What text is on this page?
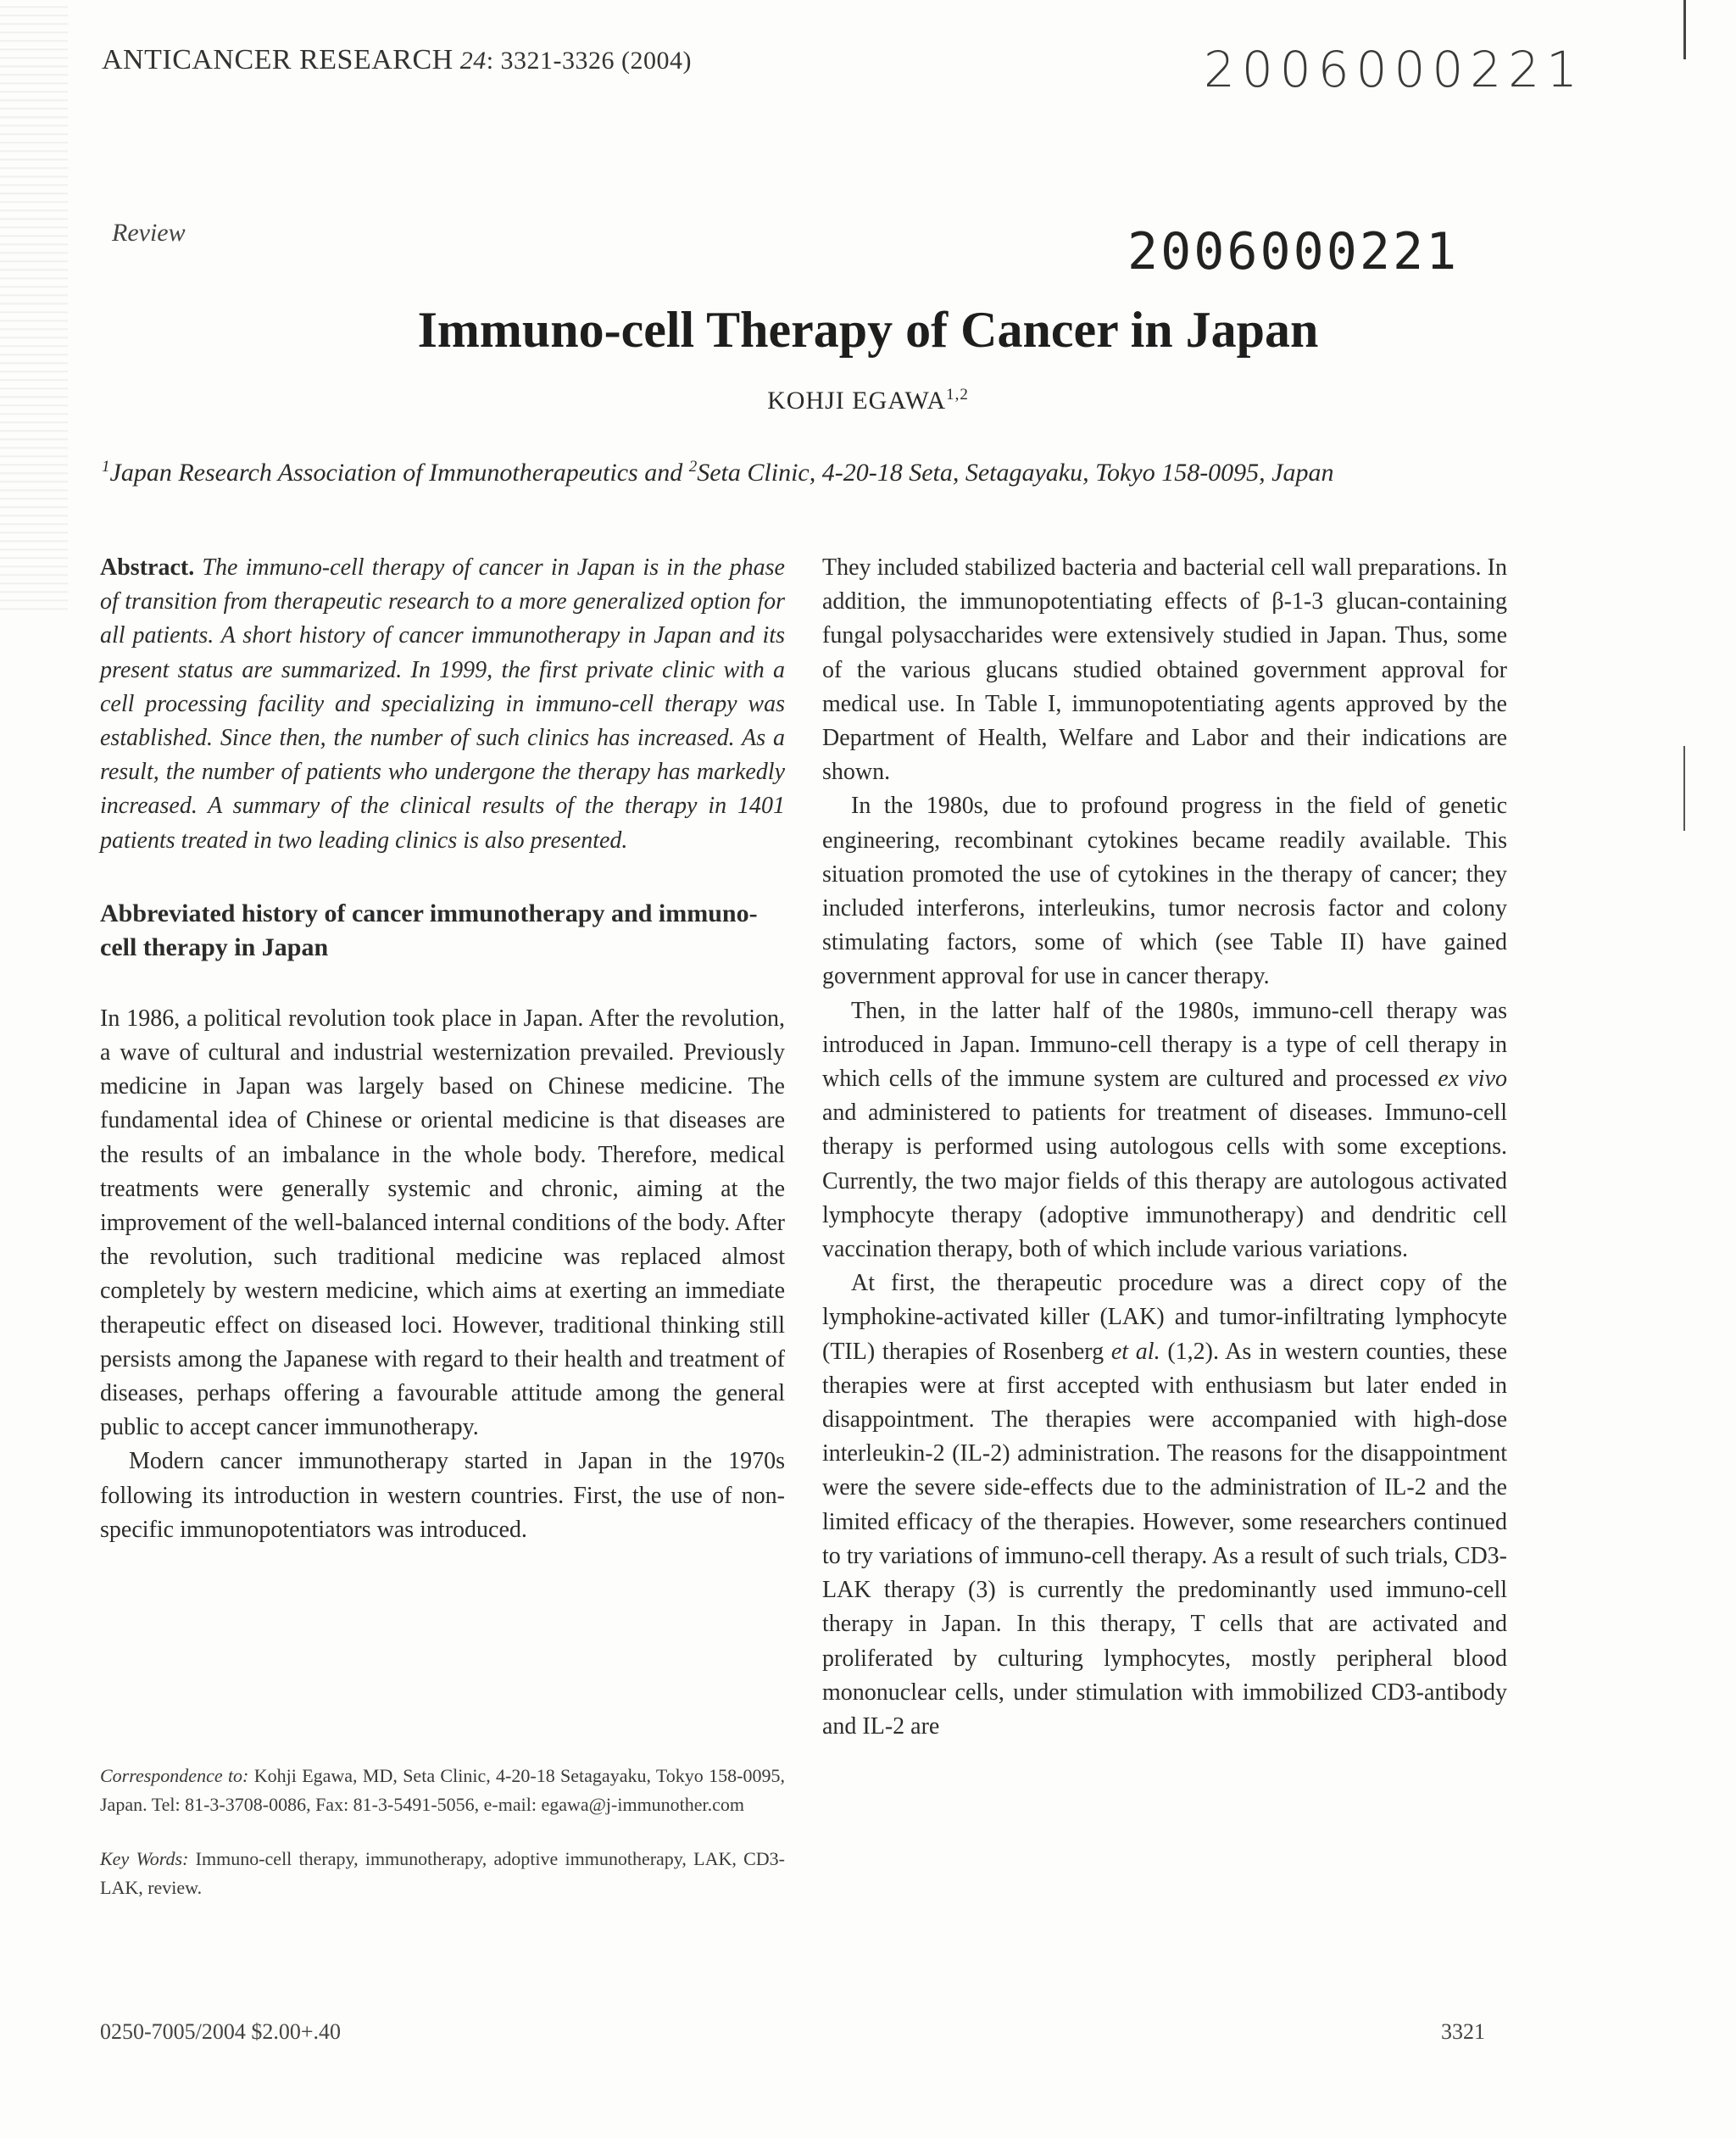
ANTICANCER RESEARCH 24: 3321-3326 (2004)	2006000221
Review	2006000221
Immuno-cell Therapy of Cancer in Japan
KOHJI EGAWA$^{1,2}$
$^1$Japan Research Association of Immunotherapeutics and $^2$Seta Clinic, 4-20-18 Seta, Setagayaku, Tokyo 158-0095, Japan

Abstract. The immuno-cell therapy of cancer in Japan is in the phase of transition from therapeutic research to a more generalized option for all patients. A short history of cancer immunotherapy in Japan and its present status are summarized. In 1999, the first private clinic with a cell processing facility and specializing in immuno-cell therapy was established. Since then, the number of such clinics has increased. As a result, the number of patients who undergone the therapy has markedly increased. A summary of the clinical results of the therapy in 1401 patients treated in two leading clinics is also presented.

Abbreviated history of cancer immunotherapy and immuno-cell therapy in Japan

In 1986, a political revolution took place in Japan. After the revolution, a wave of cultural and industrial westernization prevailed. Previously medicine in Japan was largely based on Chinese medicine. The fundamental idea of Chinese or oriental medicine is that diseases are the results of an imbalance in the whole body. Therefore, medical treatments were generally systemic and chronic, aiming at the improvement of the well-balanced internal conditions of the body. After the revolution, such traditional medicine was replaced almost completely by western medicine, which aims at exerting an immediate therapeutic effect on diseased loci. However, traditional thinking still persists among the Japanese with regard to their health and treatment of diseases, perhaps offering a favourable attitude among the general public to accept cancer immunotherapy.

Modern cancer immunotherapy started in Japan in the 1970s following its introduction in western countries. First, the use of non-specific immunopotentiators was introduced.

They included stabilized bacteria and bacterial cell wall preparations. In addition, the immunopotentiating effects of β-1-3 glucan-containing fungal polysaccharides were extensively studied in Japan. Thus, some of the various glucans studied obtained government approval for medical use. In Table I, immunopotentiating agents approved by the Department of Health, Welfare and Labor and their indications are shown.

In the 1980s, due to profound progress in the field of genetic engineering, recombinant cytokines became readily available. This situation promoted the use of cytokines in the therapy of cancer; they included interferons, interleukins, tumor necrosis factor and colony stimulating factors, some of which (see Table II) have gained government approval for use in cancer therapy.

Then, in the latter half of the 1980s, immuno-cell therapy was introduced in Japan. Immuno-cell therapy is a type of cell therapy in which cells of the immune system are cultured and processed ex vivo and administered to patients for treatment of diseases. Immuno-cell therapy is performed using autologous cells with some exceptions. Currently, the two major fields of this therapy are autologous activated lymphocyte therapy (adoptive immunotherapy) and dendritic cell vaccination therapy, both of which include various variations.

At first, the therapeutic procedure was a direct copy of the lymphokine-activated killer (LAK) and tumor-infiltrating lymphocyte (TIL) therapies of Rosenberg et al. (1,2). As in western counties, these therapies were at first accepted with enthusiasm but later ended in disappointment. The therapies were accompanied with high-dose interleukin-2 (IL-2) administration. The reasons for the disappointment were the severe side-effects due to the administration of IL-2 and the limited efficacy of the therapies. However, some researchers continued to try variations of immuno-cell therapy. As a result of such trials, CD3-LAK therapy (3) is currently the predominantly used immuno-cell therapy in Japan. In this therapy, T cells that are activated and proliferated by culturing lymphocytes, mostly peripheral blood mononuclear cells, under stimulation with immobilized CD3-antibody and IL-2 are

Correspondence to: Kohji Egawa, MD, Seta Clinic, 4-20-18 Setagayaku, Tokyo 158-0095, Japan. Tel: 81-3-3708-0086, Fax: 81-3-5491-5056, e-mail: egawa@j-immunother.com

Key Words: Immuno-cell therapy, immunotherapy, adoptive immunotherapy, LAK, CD3-LAK, review.

0250-7005/2004 $2.00+.40	3321
